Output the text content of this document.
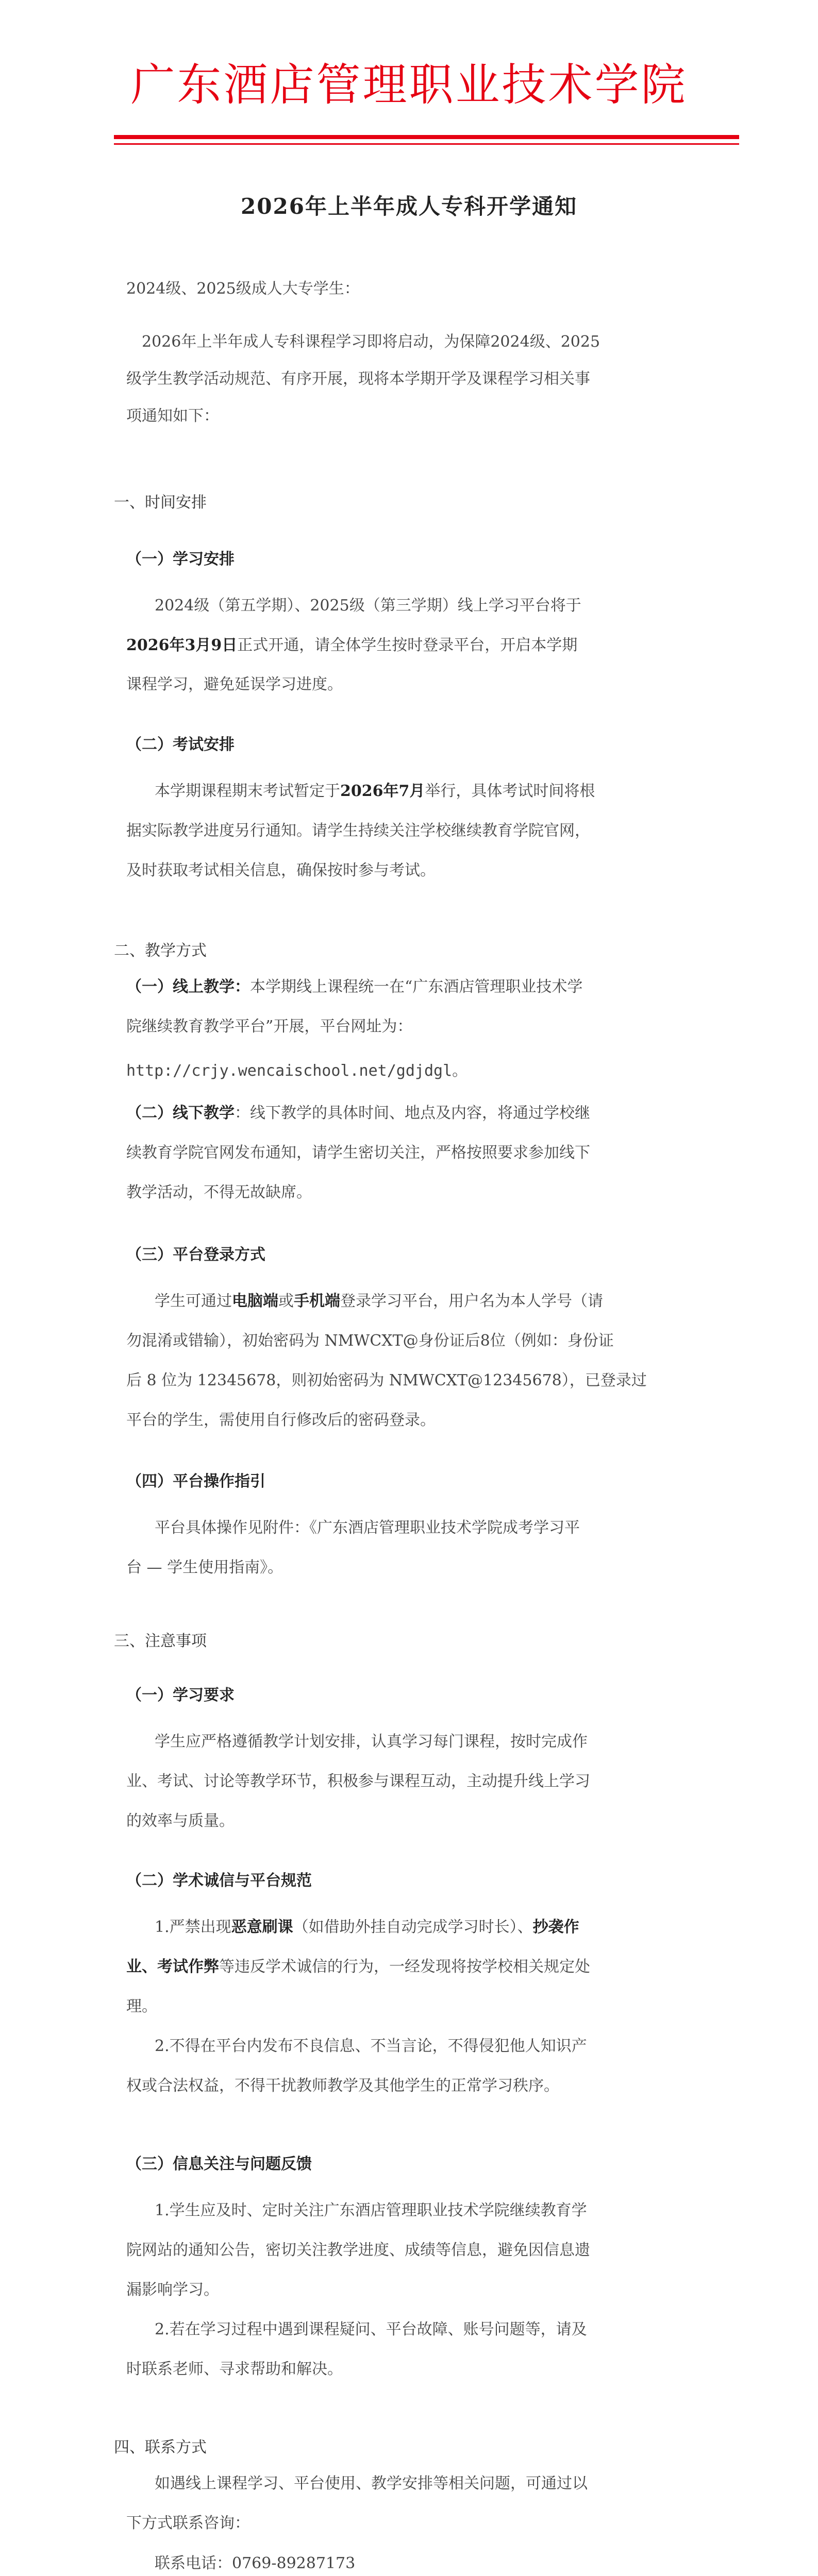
广东酒店管理职业技术学院
2026年上半年成人专科开学通知
2024级、2025级成人大专学生：
2026年上半年成人专科课程学习即将启动，为保障2024级、2025
级学生教学活动规范、有序开展，现将本学期开学及课程学习相关事
项通知如下：
一、时间安排
（一）学习安排
2024级（第五学期）、2025级（第三学期）线上学习平台将于
2026年3月9日正式开通，请全体学生按时登录平台，开启本学期
课程学习，避免延误学习进度。
（二）考试安排
本学期课程期末考试暂定于2026年7月举行，具体考试时间将根
据实际教学进度另行通知。请学生持续关注学校继续教育学院官网，
及时获取考试相关信息，确保按时参与考试。
二、教学方式
（一）线上教学：本学期线上课程统一在“广东酒店管理职业技术学
院继续教育教学平台”开展，平台网址为：
http://crjy.wencaischool.net/gdjdgl。
（二）线下教学：线下教学的具体时间、地点及内容，将通过学校继
续教育学院官网发布通知，请学生密切关注，严格按照要求参加线下
教学活动，不得无故缺席。
（三）平台登录方式
学生可通过电脑端或手机端登录学习平台，用户名为本人学号（请
勿混淆或错输），初始密码为 NMWCXT@身份证后8位（例如：身份证
后 8 位为 12345678，则初始密码为 NMWCXT@12345678），已登录过
平台的学生，需使用自行修改后的密码登录。
（四）平台操作指引
平台具体操作见附件：《广东酒店管理职业技术学院成考学习平
台 — 学生使用指南》。
三、注意事项
（一）学习要求
学生应严格遵循教学计划安排，认真学习每门课程，按时完成作
业、考试、讨论等教学环节，积极参与课程互动，主动提升线上学习
的效率与质量。
（二）学术诚信与平台规范
1.严禁出现恶意刷课（如借助外挂自动完成学习时长）、抄袭作
业、考试作弊等违反学术诚信的行为，一经发现将按学校相关规定处
理。
2.不得在平台内发布不良信息、不当言论，不得侵犯他人知识产
权或合法权益，不得干扰教师教学及其他学生的正常学习秩序。
（三）信息关注与问题反馈
1.学生应及时、定时关注广东酒店管理职业技术学院继续教育学
院网站的通知公告，密切关注教学进度、成绩等信息，避免因信息遗
漏影响学习。
2.若在学习过程中遇到课程疑问、平台故障、账号问题等，请及
时联系老师、寻求帮助和解决。
四、联系方式
如遇线上课程学习、平台使用、教学安排等相关问题，可通过以
下方式联系咨询：
联系电话：0769-89287173
